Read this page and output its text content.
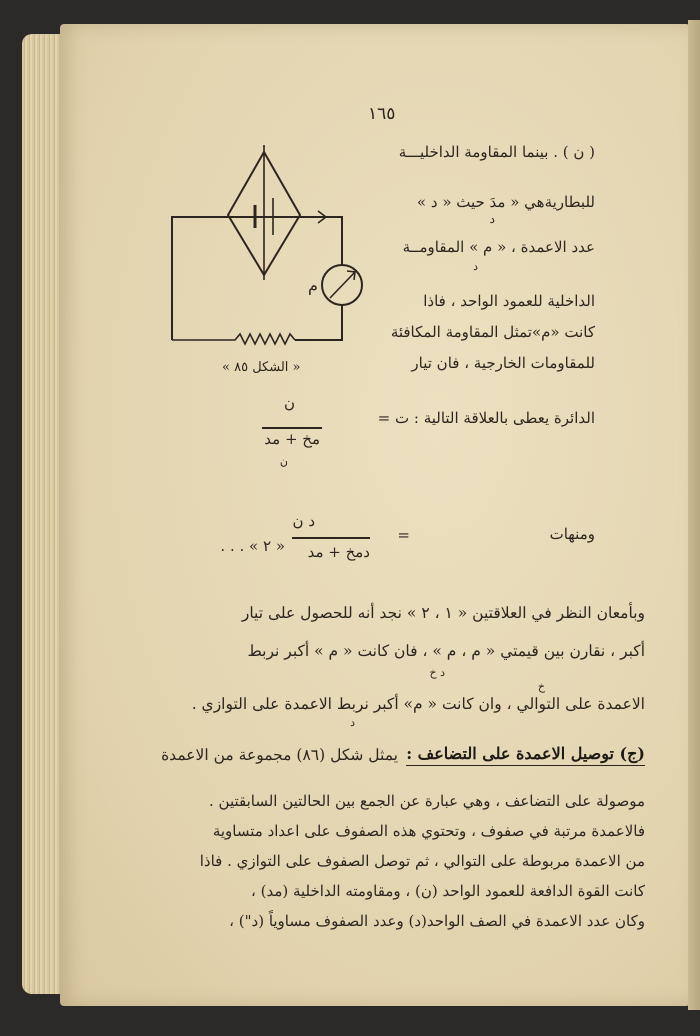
١٦٥
م
« الشكل ٨٥ »
( ن ) . بينما المقاومة الداخليـــة
للبطاريةهي « مدَ حيث « ﺩ »
ﺩ
عدد الاعمدة ، « م » المقاومــة
د
الداخلية للعمود الواحد ، فاذا
كانت «م»تمثل المقاومة المكافئة
للمقاومات الخارجية ، فان تيار
الدائرة يعطى بالعلاقة التالية : ت =
ن
مخ + مد
ن
ومنهات
=
ﺩ ن
ﺩمخ + مد
« ٢ » . . .
وبأمعان النظر في العلاقتين « ١ ، ٢ » نجد أنه للحصول على تيار
أكبر ، نقارن بين قيمتي « م ، م » ، فان كانت « م » أكبر نربط
د خ
خ
الاعمدة على التوالي ، وان كانت « م» أكبر نربط الاعمدة على التوازي .
د
(ج) توصيل الاعمدة على التضاعف :
يمثل شكل (٨٦) مجموعة من الاعمدة
موصولة على التضاعف ، وهي عبارة عن الجمع بين الحالتين السابقتين .
فالاعمدة مرتبة في صفوف ، وتحتوي هذه الصفوف على اعداد متساوية
من الاعمدة مربوطة على التوالي ، ثم توصل الصفوف على التوازي . فاذا
كانت القوة الدافعة للعمود الواحد (ن) ، ومقاومته الداخلية (مد) ،
وكان عدد الاعمدة في الصف الواحد(ﺩ) وعدد الصفوف مساوياً (ﺩ") ،
